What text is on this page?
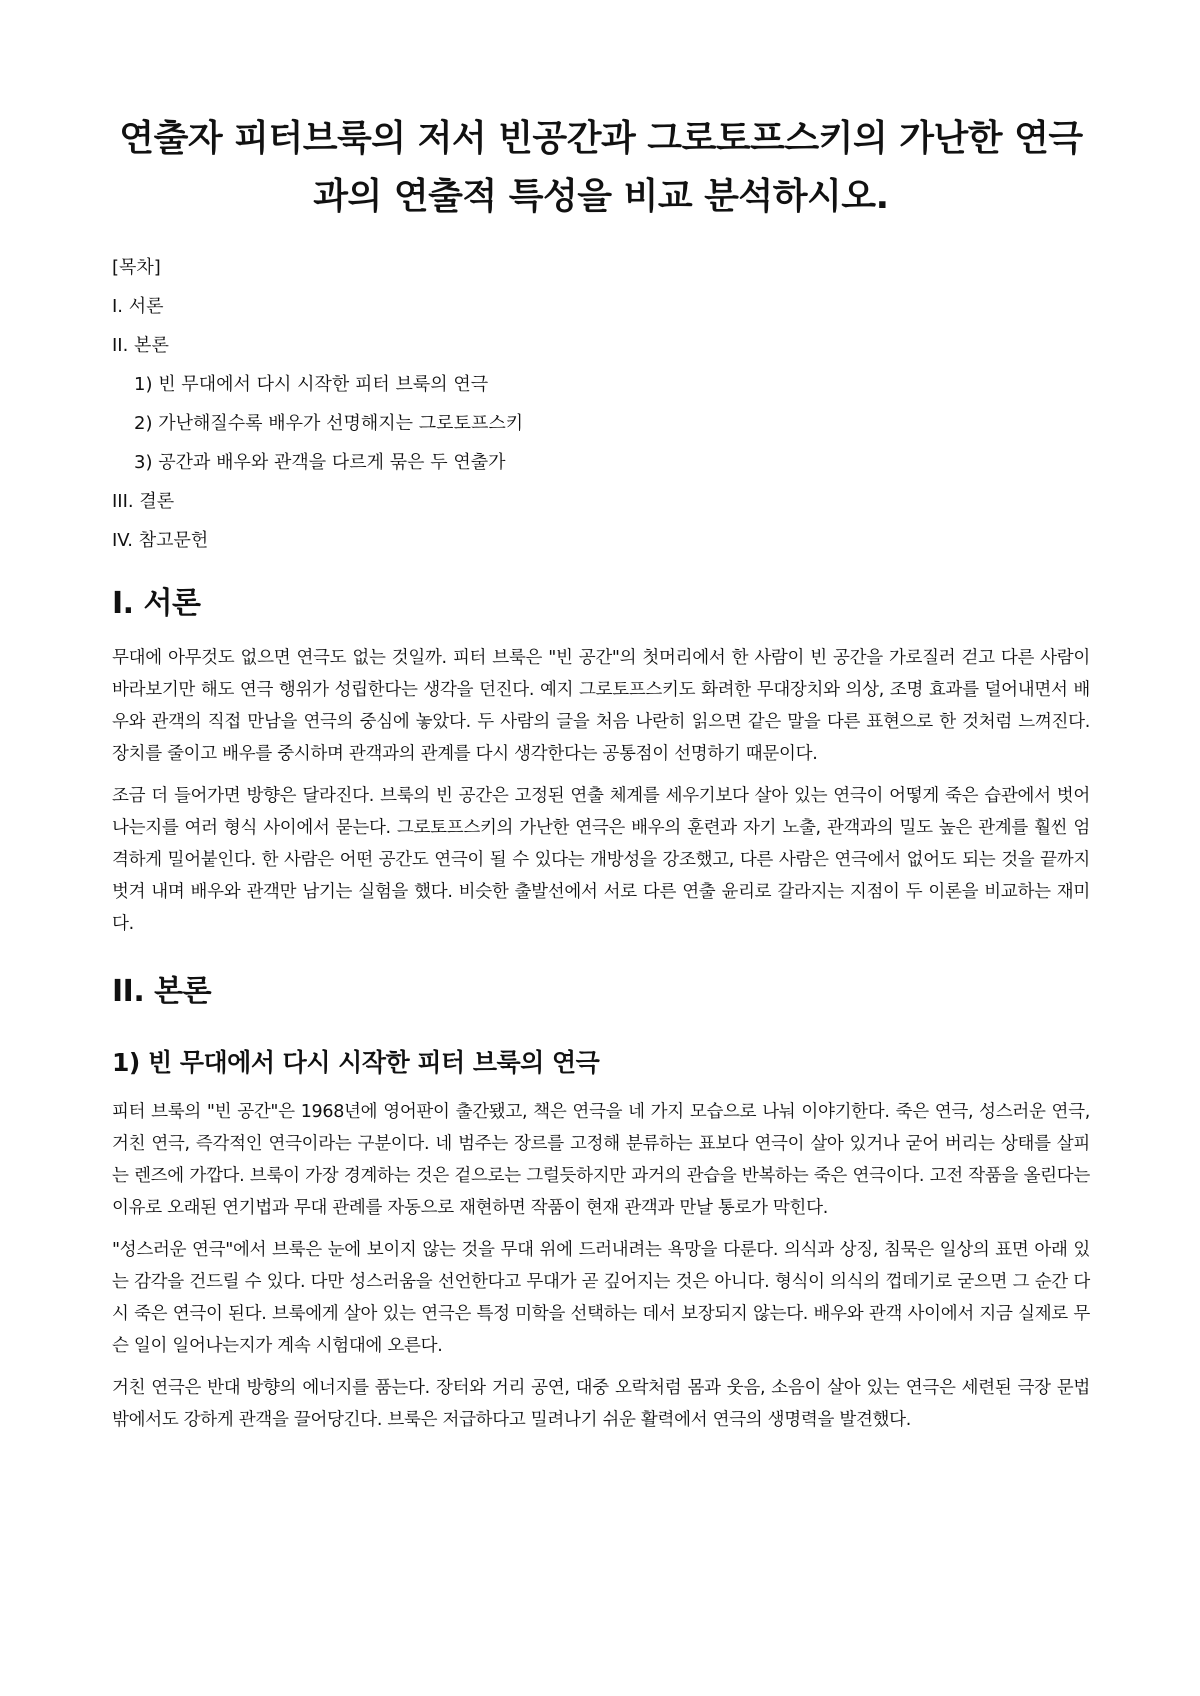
연출자 피터브룩의 저서 빈공간과 그로토프스키의 가난한 연극과의 연출적 특성을 비교 분석하시오.
[목차]
I. 서론
II. 본론
1) 빈 무대에서 다시 시작한 피터 브룩의 연극
2) 가난해질수록 배우가 선명해지는 그로토프스키
3) 공간과 배우와 관객을 다르게 묶은 두 연출가
III. 결론
IV. 참고문헌
I. 서론

무대에 아무것도 없으면 연극도 없는 것일까. 피터 브룩은 "빈 공간"의 첫머리에서 한 사람이 빈 공간을 가로질러 걷고 다른 사람이 바라보기만 해도 연극 행위가 성립한다는 생각을 던진다. 예지 그로토프스키도 화려한 무대장치와 의상, 조명 효과를 덜어내면서 배우와 관객의 직접 만남을 연극의 중심에 놓았다. 두 사람의 글을 처음 나란히 읽으면 같은 말을 다른 표현으로 한 것처럼 느껴진다. 장치를 줄이고 배우를 중시하며 관객과의 관계를 다시 생각한다는 공통점이 선명하기 때문이다.

조금 더 들어가면 방향은 달라진다. 브룩의 빈 공간은 고정된 연출 체계를 세우기보다 살아 있는 연극이 어떻게 죽은 습관에서 벗어나는지를 여러 형식 사이에서 묻는다. 그로토프스키의 가난한 연극은 배우의 훈련과 자기 노출, 관객과의 밀도 높은 관계를 훨씬 엄격하게 밀어붙인다. 한 사람은 어떤 공간도 연극이 될 수 있다는 개방성을 강조했고, 다른 사람은 연극에서 없어도 되는 것을 끝까지 벗겨 내며 배우와 관객만 남기는 실험을 했다. 비슷한 출발선에서 서로 다른 연출 윤리로 갈라지는 지점이 두 이론을 비교하는 재미다.

II. 본론
1) 빈 무대에서 다시 시작한 피터 브룩의 연극

피터 브룩의 "빈 공간"은 1968년에 영어판이 출간됐고, 책은 연극을 네 가지 모습으로 나눠 이야기한다. 죽은 연극, 성스러운 연극, 거친 연극, 즉각적인 연극이라는 구분이다. 네 범주는 장르를 고정해 분류하는 표보다 연극이 살아 있거나 굳어 버리는 상태를 살피는 렌즈에 가깝다. 브룩이 가장 경계하는 것은 겉으로는 그럴듯하지만 과거의 관습을 반복하는 죽은 연극이다. 고전 작품을 올린다는 이유로 오래된 연기법과 무대 관례를 자동으로 재현하면 작품이 현재 관객과 만날 통로가 막힌다.

"성스러운 연극"에서 브룩은 눈에 보이지 않는 것을 무대 위에 드러내려는 욕망을 다룬다. 의식과 상징, 침묵은 일상의 표면 아래 있는 감각을 건드릴 수 있다. 다만 성스러움을 선언한다고 무대가 곧 깊어지는 것은 아니다. 형식이 의식의 껍데기로 굳으면 그 순간 다시 죽은 연극이 된다. 브룩에게 살아 있는 연극은 특정 미학을 선택하는 데서 보장되지 않는다. 배우와 관객 사이에서 지금 실제로 무슨 일이 일어나는지가 계속 시험대에 오른다.

거친 연극은 반대 방향의 에너지를 품는다. 장터와 거리 공연, 대중 오락처럼 몸과 웃음, 소음이 살아 있는 연극은 세련된 극장 문법 밖에서도 강하게 관객을 끌어당긴다. 브룩은 저급하다고 밀려나기 쉬운 활력에서 연극의 생명력을 발견했다.
